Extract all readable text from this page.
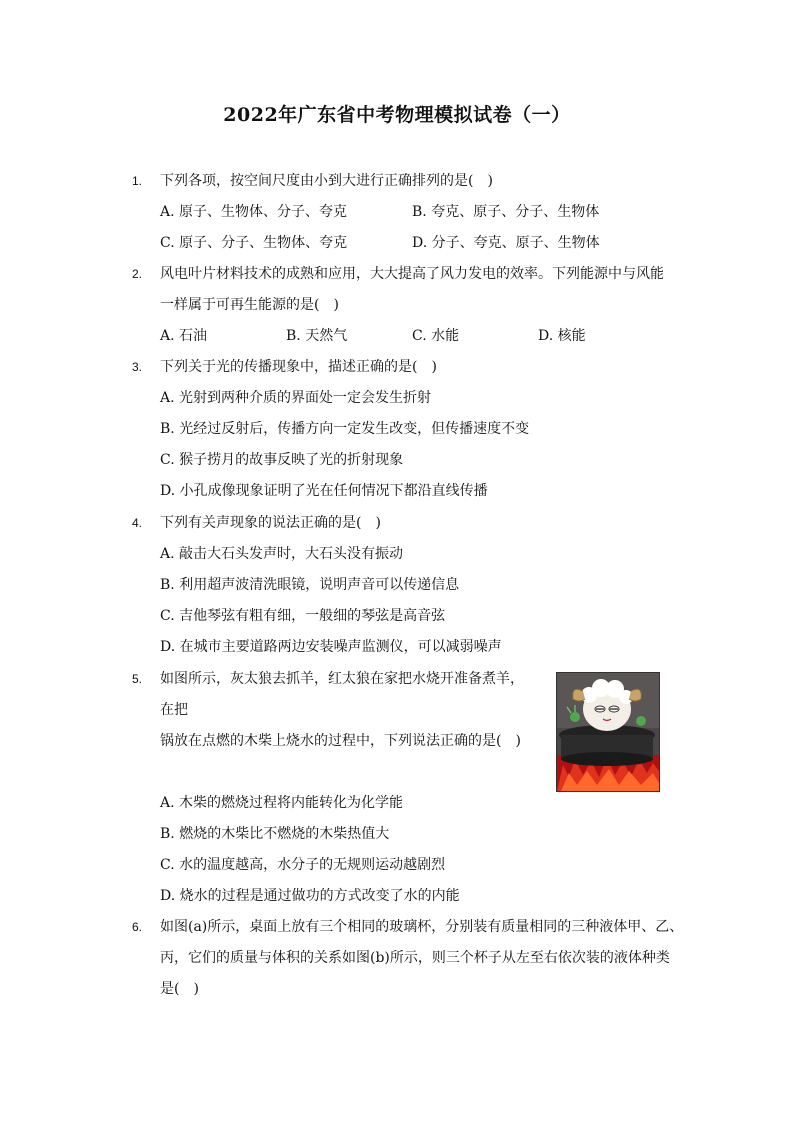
2022年广东省中考物理模拟试卷（一）
1.	下列各项，按空间尺度由小到大进行正确排列的是(　)
A. 原子、生物体、分子、夸克	B. 夸克、原子、分子、生物体
C. 原子、分子、生物体、夸克	D. 分子、夸克、原子、生物体
2.	风电叶片材料技术的成熟和应用，大大提高了风力发电的效率。下列能源中与风能
一样属于可再生能源的是(　)
A. 石油	B. 天然气	C. 水能	D. 核能
3.	下列关于光的传播现象中，描述正确的是(　)
A. 光射到两种介质的界面处一定会发生折射
B. 光经过反射后，传播方向一定发生改变，但传播速度不变
C. 猴子捞月的故事反映了光的折射现象
D. 小孔成像现象证明了光在任何情况下都沿直线传播
4.	下列有关声现象的说法正确的是(　)
A. 敲击大石头发声时，大石头没有振动
B. 利用超声波清洗眼镜，说明声音可以传递信息
C. 吉他琴弦有粗有细，一般细的琴弦是高音弦
D. 在城市主要道路两边安装噪声监测仪，可以减弱噪声
5.	如图所示，灰太狼去抓羊，红太狼在家把水烧开准备煮羊，在把
锅放在点燃的木柴上烧水的过程中，下列说法正确的是(　)
A. 木柴的燃烧过程将内能转化为化学能
B. 燃烧的木柴比不燃烧的木柴热值大
C. 水的温度越高，水分子的无规则运动越剧烈
D. 烧水的过程是通过做功的方式改变了水的内能
6.	如图(a)所示，桌面上放有三个相同的玻璃杯，分别装有质量相同的三种液体甲、乙、
丙，它们的质量与体积的关系如图(b)所示，则三个杯子从左至右依次装的液体种类
是(　)
